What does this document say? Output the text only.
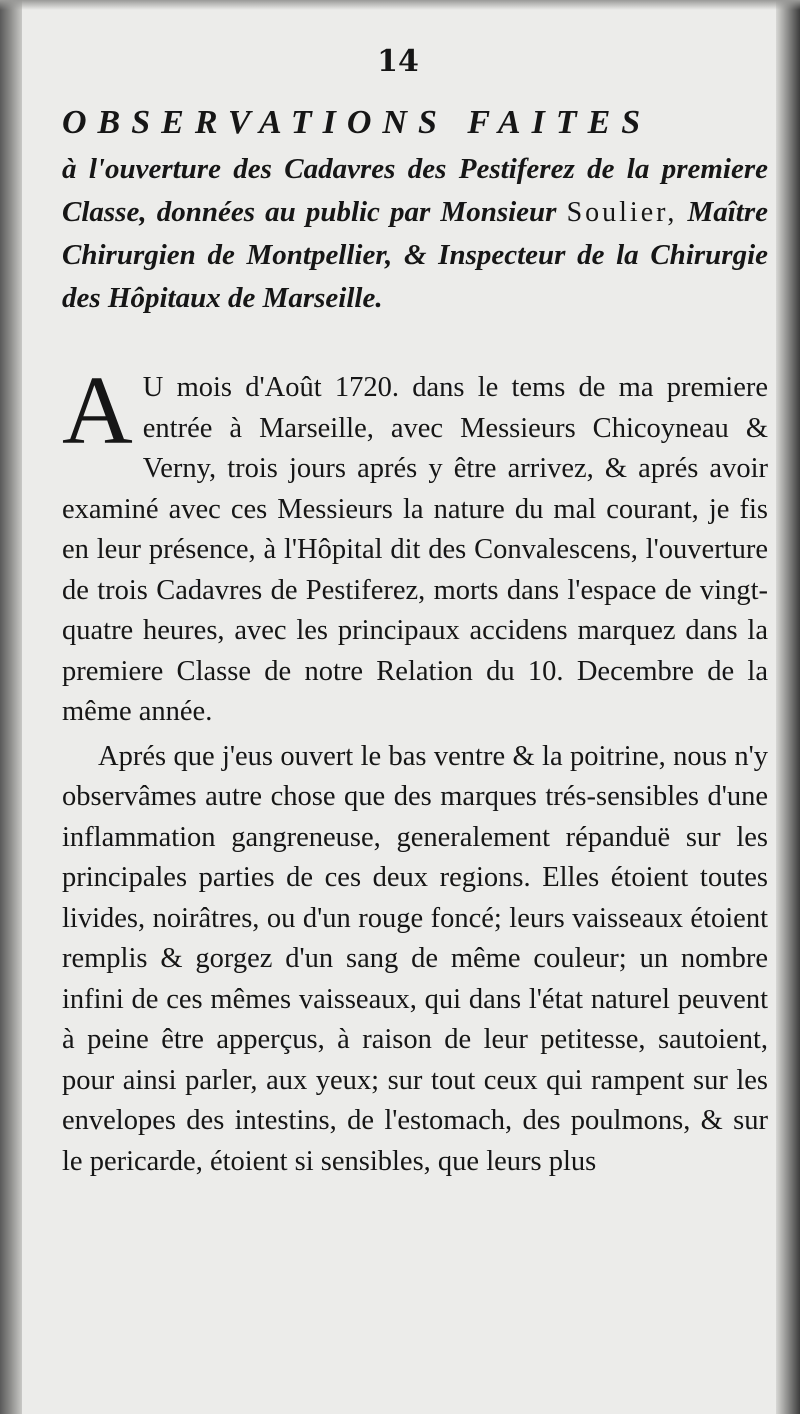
14
OBSERVATIONS FAITES
à l'ouverture des Cadavres des Pestiferez de la premiere Classe, données au public par Monsieur Soulier, Maître Chirurgien de Montpellier, & Inspecteur de la Chirurgie des Hôpitaux de Marseille.

A U mois d'Août 1720. dans le tems de ma premiere entrée à Marseille, avec Messieurs Chicoyneau & Verny, trois jours aprés y être arrivez, & aprés avoir examiné avec ces Messieurs la nature du mal courant, je fis en leur présence, à l'Hôpital dit des Convalescens, l'ouverture de trois Cadavres de Pestiferez, morts dans l'espace de vingt-quatre heures, avec les principaux accidens marquez dans la premiere Classe de notre Relation du 10. Decembre de la même année.

Aprés que j'eus ouvert le bas ventre & la poitrine, nous n'y observâmes autre chose que des marques trés-sensibles d'une inflammation gangreneuse, generalement répanduë sur les principales parties de ces deux regions. Elles étoient toutes livides, noirâtres, ou d'un rouge foncé; leurs vaisseaux étoient remplis & gorgez d'un sang de même couleur; un nombre infini de ces mêmes vaisseaux, qui dans l'état naturel peuvent à peine être apperçus, à raison de leur petitesse, sautoient, pour ainsi parler, aux yeux; sur tout ceux qui rampent sur les envelopes des intestins, de l'estomach, des poulmons, & sur le pericarde, étoient si sensibles, que leurs plus
